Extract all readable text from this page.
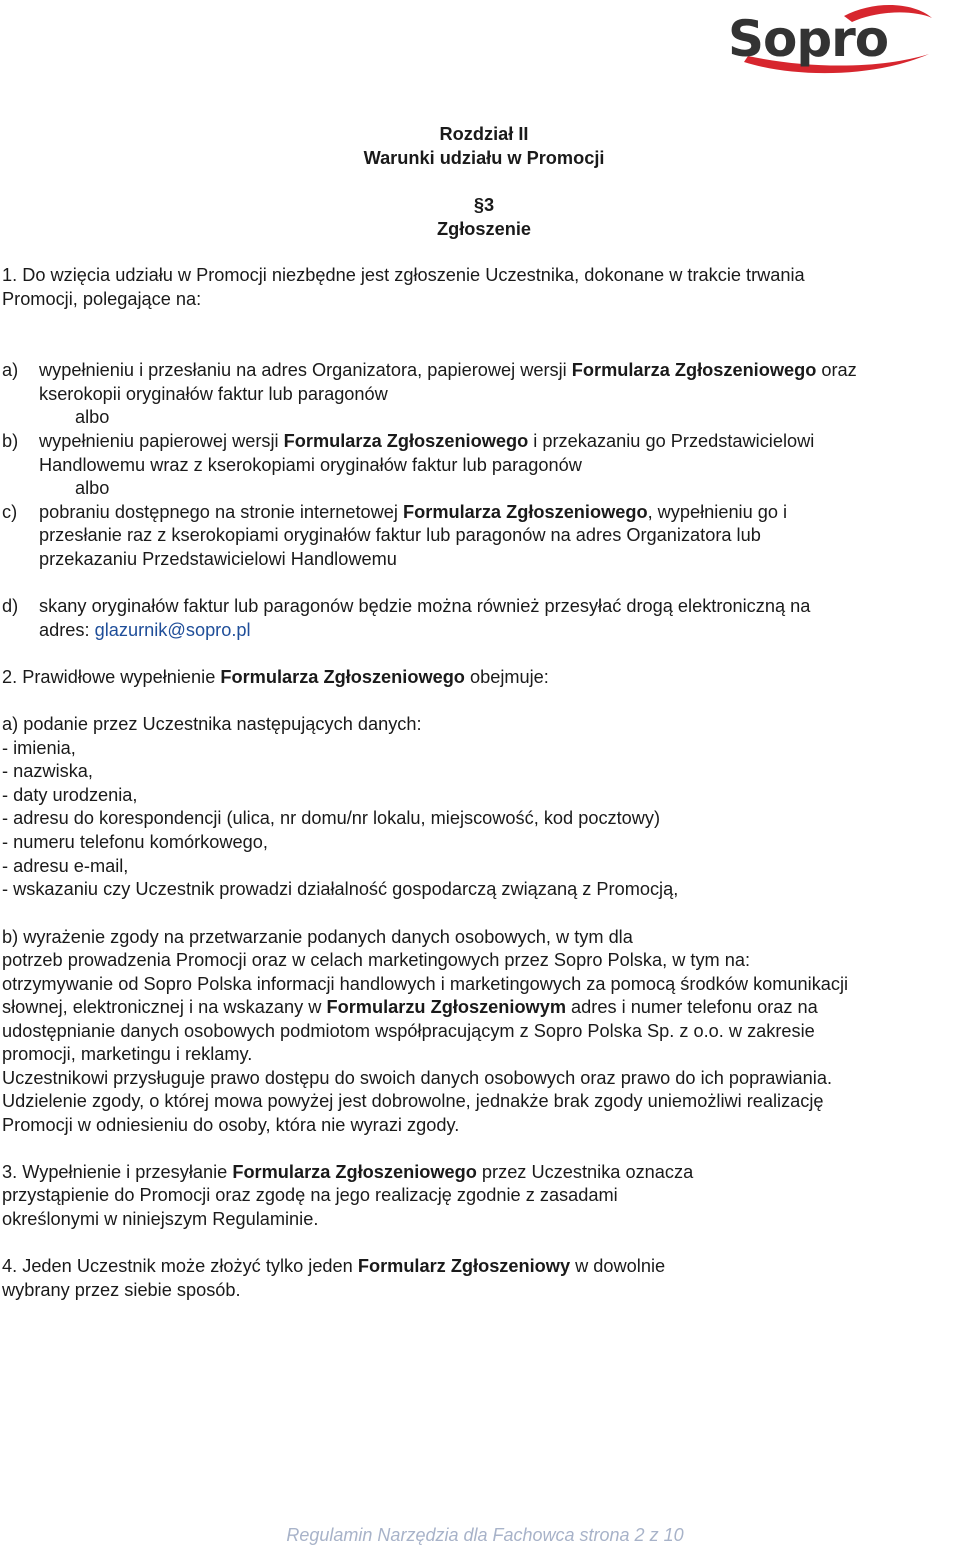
Sopro
Rozdział II
Warunki udziału w Promocji
§3
Zgłoszenie
1. Do wzięcia udziału w Promocji niezbędne jest zgłoszenie Uczestnika, dokonane w trakcie trwania
Promocji, polegające na:
a) wypełnieniu i przesłaniu na adres Organizatora, papierowej wersji Formularza Zgłoszeniowego oraz
kserokopii oryginałów faktur lub paragonów
albo
b) wypełnieniu papierowej wersji Formularza Zgłoszeniowego i przekazaniu go Przedstawicielowi
Handlowemu wraz z kserokopiami oryginałów faktur lub paragonów
albo
c) pobraniu dostępnego na stronie internetowej Formularza Zgłoszeniowego, wypełnieniu go i
przesłanie raz z kserokopiami oryginałów faktur lub paragonów na adres Organizatora lub
przekazaniu Przedstawicielowi Handlowemu
d) skany oryginałów faktur lub paragonów będzie można również przesyłać drogą elektroniczną na
adres: glazurnik@sopro.pl
2. Prawidłowe wypełnienie Formularza Zgłoszeniowego obejmuje:
a) podanie przez Uczestnika następujących danych:
- imienia,
- nazwiska,
- daty urodzenia,
- adresu do korespondencji (ulica, nr domu/nr lokalu, miejscowość, kod pocztowy)
- numeru telefonu komórkowego,
- adresu e-mail,
- wskazaniu czy Uczestnik prowadzi działalność gospodarczą związaną z Promocją,
b) wyrażenie zgody na przetwarzanie podanych danych osobowych, w tym dla
potrzeb prowadzenia Promocji oraz w celach marketingowych przez Sopro Polska, w tym na:
otrzymywanie od Sopro Polska informacji handlowych i marketingowych za pomocą środków komunikacji
słownej, elektronicznej i na wskazany w Formularzu Zgłoszeniowym adres i numer telefonu oraz na
udostępnianie danych osobowych podmiotom współpracującym z Sopro Polska Sp. z o.o. w zakresie
promocji, marketingu i reklamy.
Uczestnikowi przysługuje prawo dostępu do swoich danych osobowych oraz prawo do ich poprawiania.
Udzielenie zgody, o której mowa powyżej jest dobrowolne, jednakże brak zgody uniemożliwi realizację
Promocji w odniesieniu do osoby, która nie wyrazi zgody.
3. Wypełnienie i przesyłanie Formularza Zgłoszeniowego przez Uczestnika oznacza
przystąpienie do Promocji oraz zgodę na jego realizację zgodnie z zasadami
określonymi w niniejszym Regulaminie.
4. Jeden Uczestnik może złożyć tylko jeden Formularz Zgłoszeniowy w dowolnie
wybrany przez siebie sposób.
Regulamin Narzędzia dla Fachowca strona 2 z 10
